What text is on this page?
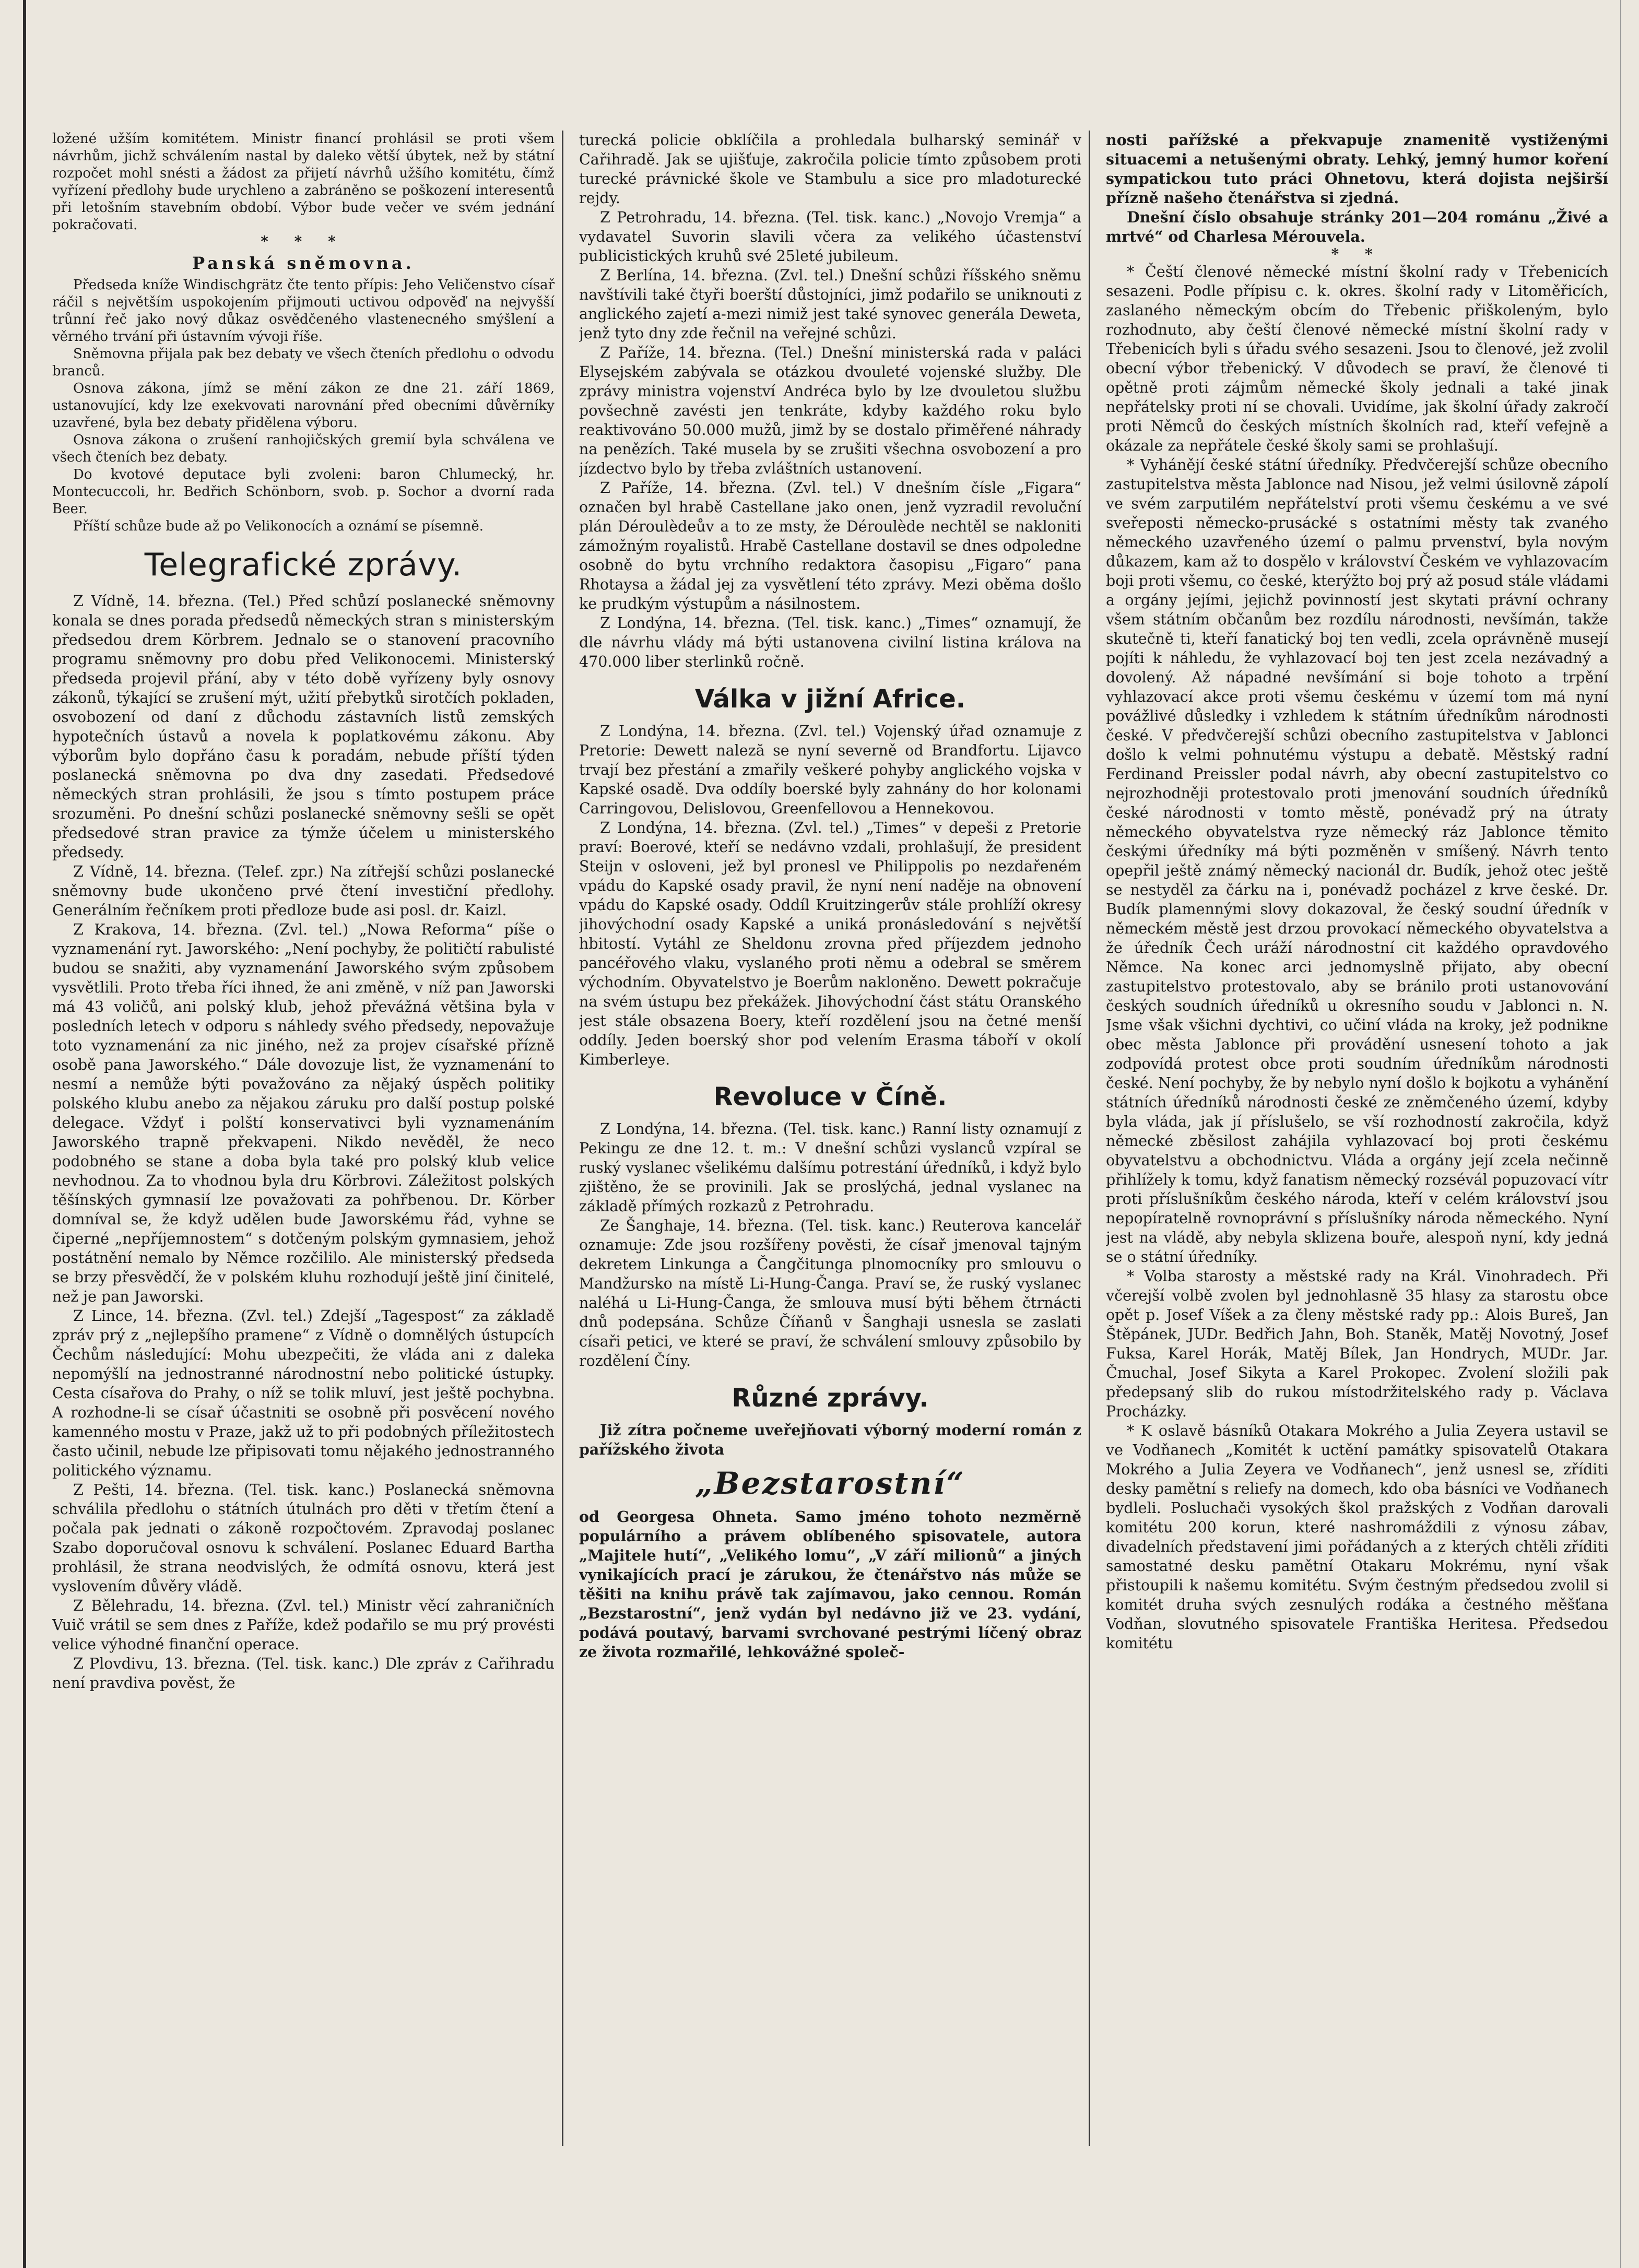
ložené užším komitétem. Ministr financí prohlásil se proti všem návrhům, jichž schválením nastal by daleko větší úbytek, než by státní rozpočet mohl snésti a žádost za přijetí návrhů užšího komitétu, čímž vyřízení předlohy bude urychleno a zabráněno se poškození interesentů při letošním stavebním období. Výbor bude večer ve svém jednání pokračovati.

* * *
Panská sněmovna.

Předseda kníže Windischgrätz čte tento přípis: Jeho Veličenstvo císař ráčil s největším uspokojením přijmouti uctivou odpověď na nejvyšší trůnní řeč jako nový důkaz osvědčeného vlastenecného smýšlení a věrného trvání při ústavním vývoji říše.

Sněmovna přijala pak bez debaty ve všech čteních předlohu o odvodu branců.

Osnova zákona, jímž se mění zákon ze dne 21. září 1869, ustanovující, kdy lze exekvovati narovnání před obecními důvěrníky uzavřené, byla bez debaty přidělena výboru.

Osnova zákona o zrušení ranhojičských gremií byla schválena ve všech čteních bez debaty.

Do kvotové deputace byli zvoleni: baron Chlumecký, hr. Montecuccoli, hr. Bedřich Schönborn, svob. p. Sochor a dvorní rada Beer.

Příští schůze bude až po Velikonocích a oznámí se písemně.

Telegrafické zprávy.

Z Vídně, 14. března. (Tel.) Před schůzí poslanecké sněmovny konala se dnes porada předsedů německých stran s ministerským předsedou drem Körbrem. Jednalo se o stanovení pracovního programu sněmovny pro dobu před Velikonocemi. Ministerský předseda projevil přání, aby v této době vyřízeny byly osnovy zákonů, týkající se zrušení mýt, užití přebytků sirotčích pokladen, osvobození od daní z důchodu zástavních listů zemských hypotečních ústavů a novela k poplatkovému zákonu. Aby výborům bylo dopřáno času k poradám, nebude příští týden poslanecká sněmovna po dva dny zasedati. Předsedové německých stran prohlásili, že jsou s tímto postupem práce srozuměni. Po dnešní schůzi poslanecké sněmovny sešli se opět předsedové stran pravice za týmže účelem u ministerského předsedy.

Z Vídně, 14. března. (Telef. zpr.) Na zítřejší schůzi poslanecké sněmovny bude ukončeno prvé čtení investiční předlohy. Generálním řečníkem proti předloze bude asi posl. dr. Kaizl.

Z Krakova, 14. března. (Zvl. tel.) „Nowa Reforma“ píše o vyznamenání ryt. Jaworského: „Není pochyby, že političtí rabulisté budou se snažiti, aby vyznamenání Jaworského svým způsobem vysvětlili. Proto třeba říci ihned, že ani změně, v níž pan Jaworski má 43 voličů, ani polský klub, jehož převážná většina byla v posledních letech v odporu s náhledy svého předsedy, nepovažuje toto vyznamenání za nic jiného, než za projev císařské přízně osobě pana Jaworského.“ Dále dovozuje list, že vyznamenání to nesmí a nemůže býti považováno za nějaký úspěch politiky polského klubu anebo za nějakou záruku pro další postup polské delegace. Vždyť i polští konservativci byli vyznamenáním Jaworského trapně překvapeni. Nikdo nevěděl, že neco podobného se stane a doba byla také pro polský klub velice nevhodnou. Za to vhodnou byla dru Körbrovi. Záležitost polských těšínských gymnasií lze považovati za pohřbenou. Dr. Körber domníval se, že když udělen bude Jaworskému řád, vyhne se čiperné „nepříjemnostem“ s dotčeným polským gymnasiem, jehož postátnění nemalo by Němce rozčililo. Ale ministerský předseda se brzy přesvědčí, že v polském kluhu rozhodují ještě jiní činitelé, než je pan Jaworski.

Z Lince, 14. března. (Zvl. tel.) Zdejší „Tagespost“ za základě zpráv prý z „nejlepšího pramene“ z Vídně o domnělých ústupcích Čechům následující: Mohu ubezpečiti, že vláda ani z daleka nepomýšlí na jednostranné národnostní nebo politické ústupky. Cesta císařova do Prahy, o níž se tolik mluví, jest ještě pochybna. A rozhodne-li se císař účastniti se osobně při posvěcení nového kamenného mostu v Praze, jakž už to při podobných příležitostech často učinil, nebude lze připisovati tomu nějakého jednostranného politického významu.

Z Pešti, 14. března. (Tel. tisk. kanc.) Poslanecká sněmovna schválila předlohu o státních útulnách pro děti v třetím čtení a počala pak jednati o zákoně rozpočtovém. Zpravodaj poslanec Szabo doporučoval osnovu k schválení. Poslanec Eduard Bartha prohlásil, že strana neodvislých, že odmítá osnovu, která jest vyslovením důvěry vládě.

Z Bělehradu, 14. března. (Zvl. tel.) Ministr věcí zahraničních Vuič vrátil se sem dnes z Paříže, kdež podařilo se mu prý provésti velice výhodné finanční operace.

Z Plovdivu, 13. března. (Tel. tisk. kanc.) Dle zpráv z Cařihradu není pravdiva pověst, že

turecká policie obklíčila a prohledala bulharský seminář v Cařihradě. Jak se ujišťuje, zakročila policie tímto způsobem proti turecké právnické škole ve Stambulu a sice pro mladoturecké rejdy.

Z Petrohradu, 14. března. (Tel. tisk. kanc.) „Novojo Vremja“ a vydavatel Suvorin slavili včera za velikého účastenství publicistických kruhů své 25leté jubileum.

Z Berlína, 14. března. (Zvl. tel.) Dnešní schůzi říšského sněmu navštívili také čtyři boerští důstojníci, jimž podařilo se uniknouti z anglického zajetí a-mezi nimiž jest také synovec generála Deweta, jenž tyto dny zde řečnil na veřejné schůzi.

Z Paříže, 14. března. (Tel.) Dnešní ministerská rada v paláci Elysejském zabývala se otázkou dvouleté vojenské služby. Dle zprávy ministra vojenství Andréca bylo by lze dvouletou službu povšechně zavésti jen tenkráte, kdyby každého roku bylo reaktivováno 50.000 mužů, jimž by se dostalo přiměřené náhrady na penězích. Také musela by se zrušiti všechna osvobození a pro jízdectvo bylo by třeba zvláštních ustanovení.

Z Paříže, 14. března. (Zvl. tel.) V dnešním čísle „Figara“ označen byl hrabě Castellane jako onen, jenž vyzradil revoluční plán Déroulèdeův a to ze msty, že Déroulède nechtěl se nakloniti zámožným royalistů. Hrabě Castellane dostavil se dnes odpoledne osobně do bytu vrchního redaktora časopisu „Figaro“ pana Rhotaysa a žádal jej za vysvětlení této zprávy. Mezi oběma došlo ke prudkým výstupům a násilnostem.

Z Londýna, 14. března. (Tel. tisk. kanc.) „Times“ oznamují, že dle návrhu vlády má býti ustanovena civilní listina králova na 470.000 liber sterlinků ročně.

Válka v jižní Africe.

Z Londýna, 14. března. (Zvl. tel.) Vojenský úřad oznamuje z Pretorie: Dewett naleză se nyní severně od Brandfortu. Lijavco trvají bez přestání a zmařily veškeré pohyby anglického vojska v Kapské osadě. Dva oddíly boerské byly zahnány do hor kolonami Carringovou, Delislovou, Greenfellovou a Hennekovou.

Z Londýna, 14. března. (Zvl. tel.) „Times“ v depeši z Pretorie praví: Boerové, kteří se nedávno vzdali, prohlašují, že president Steijn v osloveni, jež byl pronesl ve Philippolis po nezdařeném vpádu do Kapské osady pravil, že nyní není naděje na obnovení vpádu do Kapské osady. Oddíl Kruitzingerův stále prohlíží okresy jihovýchodní osady Kapské a uniká pronásledování s největší hbitostí. Vytáhl ze Sheldonu zrovna před příjezdem jednoho pancéřového vlaku, vyslaného proti němu a odebral se směrem východním. Obyvatelstvo je Boerům nakloněno. Dewett pokračuje na svém ústupu bez překážek. Jihovýchodní část státu Oranského jest stále obsazena Boery, kteří rozdělení jsou na četné menší oddíly. Jeden boerský shor pod velením Erasma táboří v okolí Kimberleye.

Revoluce v Číně.

Z Londýna, 14. března. (Tel. tisk. kanc.) Ranní listy oznamují z Pekingu ze dne 12. t. m.: V dnešní schůzi vyslanců vzpíral se ruský vyslanec všelikému dalšímu potrestání úředníků, i když bylo zjištěno, že se provinili. Jak se proslýchá, jednal vyslanec na základě přímých rozkazů z Petrohradu.

Ze Šanghaje, 14. března. (Tel. tisk. kanc.) Reuterova kancelář oznamuje: Zde jsou rozšířeny pověsti, že císař jmenoval tajným dekretem Linkunga a Čangčitunga plnomocníky pro smlouvu o Mandžursko na místě Li-Hung-Čanga. Praví se, že ruský vyslanec naléhá u Li-Hung-Čanga, že smlouva musí býti během čtrnácti dnů podepsána. Schůze Číňanů v Šanghaji usnesla se zaslati císaři petici, ve které se praví, že schválení smlouvy způsobilo by rozdělení Číny.

Různé zprávy.

Již zítra počneme uveřejňovati výborný moderní román z pařížského života

„Bezstarostní“

od Georgesa Ohneta. Samo jméno tohoto nezměrně populárního a právem oblíbeného spisovatele, autora „Majitele hutí“, „Velikého lomu“, „V září milionů“ a jiných vynikajících prací je zárukou, že čtenářstvo nás může se těšiti na knihu právě tak zajímavou, jako cennou. Román „Bezstarostní“, jenž vydán byl nedávno již ve 23. vydání, podává poutavý, barvami svrchované pestrými líčený obraz ze života rozmařilé, lehkovážné společ-

nosti pařížské a překvapuje znamenitě vystiženými situacemi a netušenými obraty. Lehký, jemný humor koření sympatickou tuto práci Ohnetovu, která dojista nejširší přízně našeho čtenářstva si zjedná.

Dnešní číslo obsahuje stránky 201—204 románu „Živé a mrtvé“ od Charlesa Mérouvela.

* *

* Čeští členové německé místní školní rady v Třebenicích sesazeni. Podle přípisu c. k. okres. školní rady v Litoměřicích, zaslaného německým obcím do Třebenic přiškoleným, bylo rozhodnuto, aby čeští členové německé místní školní rady v Třebenicích byli s úřadu svého sesazeni. Jsou to členové, jež zvolil obecní výbor třebenický. V důvodech se praví, že členové ti opětně proti zájmům německé školy jednali a také jinak nepřátelsky proti ní se chovali. Uvidíme, jak školní úřady zakročí proti Němců do českých místních školních rad, kteří vefejně a okázale za nepřátele české školy sami se prohlašují.

* Vyhánějí české státní úředníky. Předvčerejší schůze obecního zastupitelstva města Jablonce nad Nisou, jež velmi úsilovně zápolí ve svém zarputilém nepřátelství proti všemu českému a ve své sveřeposti německo-prusácké s ostatními městy tak zvaného německého uzavřeného území o palmu prvenství, byla novým důkazem, kam až to dospělo v království Českém ve vyhlazovacím boji proti všemu, co české, kterýžto boj prý až posud stále vládami a orgány jejími, jejichž povinností jest skytati právní ochrany všem státním občanům bez rozdílu národnosti, nevšímán, takže skutečně ti, kteří fanatický boj ten vedli, zcela oprávněně musejí pojíti k náhledu, že vyhlazovací boj ten jest zcela nezávadný a dovolený. Až nápadné nevšímání si boje tohoto a trpění vyhlazovací akce proti všemu českému v území tom má nyní povážlivé důsledky i vzhledem k státním úředníkům národnosti české. V předvčerejší schůzi obecního zastupitelstva v Jablonci došlo k velmi pohnutému výstupu a debatě. Městský radní Ferdinand Preissler podal návrh, aby obecní zastupitelstvo co nejrozhodněji protestovalo proti jmenování soudních úředníků české národnosti v tomto městě, ponévadž prý na útraty německého obyvatelstva ryze německý ráz Jablonce těmito českými úředníky má býti pozměněn v smíšený. Návrh tento opepřil ještě známý německý nacionál dr. Budík, jehož otec ještě se nestyděl za čárku na i, ponévadž pocházel z krve české. Dr. Budík plamennými slovy dokazoval, že český soudní úředník v německém městě jest drzou provokací německého obyvatelstva a že úředník Čech uráží národnostní cit každého opravdového Němce. Na konec arci jednomyslně přijato, aby obecní zastupitelstvo protestovalo, aby se bránilo proti ustanovování českých soudních úředníků u okresního soudu v Jablonci n. N. Jsme však všichni dychtivi, co učiní vláda na kroky, jež podnikne obec města Jablonce při provádění usnesení tohoto a jak zodpovídá protest obce proti soudním úředníkům národnosti české. Není pochyby, že by nebylo nyní došlo k bojkotu a vyhánění státních úředníků národnosti české ze zněmčeného území, kdyby byla vláda, jak jí příslušelo, se vší rozhodností zakročila, když německé zběsilost zahájila vyhlazovací boj proti českému obyvatelstvu a obchodnictvu. Vláda a orgány její zcela nečinně přihlížely k tomu, když fanatism německý rozsévál popuzovací vítr proti příslušníkům českého národa, kteří v celém království jsou nepopíratelně rovnoprávní s příslušníky národa německého. Nyní jest na vládě, aby nebyla sklizena bouře, alespoň nyní, kdy jedná se o státní úředníky.

* Volba starosty a městské rady na Král. Vinohradech. Při včerejší volbě zvolen byl jednohlasně 35 hlasy za starostu obce opět p. Josef Víšek a za členy městské rady pp.: Alois Bureš, Jan Štěpánek, JUDr. Bedřich Jahn, Boh. Staněk, Matěj Novotný, Josef Fuksa, Karel Horák, Matěj Bílek, Jan Hondrych, MUDr. Jar. Čmuchal, Josef Sikyta a Karel Prokopec. Zvolení složili pak předepsaný slib do rukou místodržitelského rady p. Václava Procházky.

* K oslavě básníků Otakara Mokrého a Julia Zeyera ustavil se ve Vodňanech „Komitét k uctění památky spisovatelů Otakara Mokrého a Julia Zeyera ve Vodňanech“, jenž usnesl se, zříditi desky pamětní s reliefy na domech, kdo oba básníci ve Vodňanech bydleli. Posluchači vysokých škol pražských z Vodňan darovali komitétu 200 korun, které nashromáždili z výnosu zábav, divadelních představení jimi pořádaných a z kterých chtěli zříditi samostatné desku pamětní Otakaru Mokrému, nyní však přistoupili k našemu komitétu. Svým čestným předsedou zvolil si komitét druha svých zesnulých rodáka a čestného měšťana Vodňan, slovutného spisovatele Františka Heritesa. Předsedou komitétu
